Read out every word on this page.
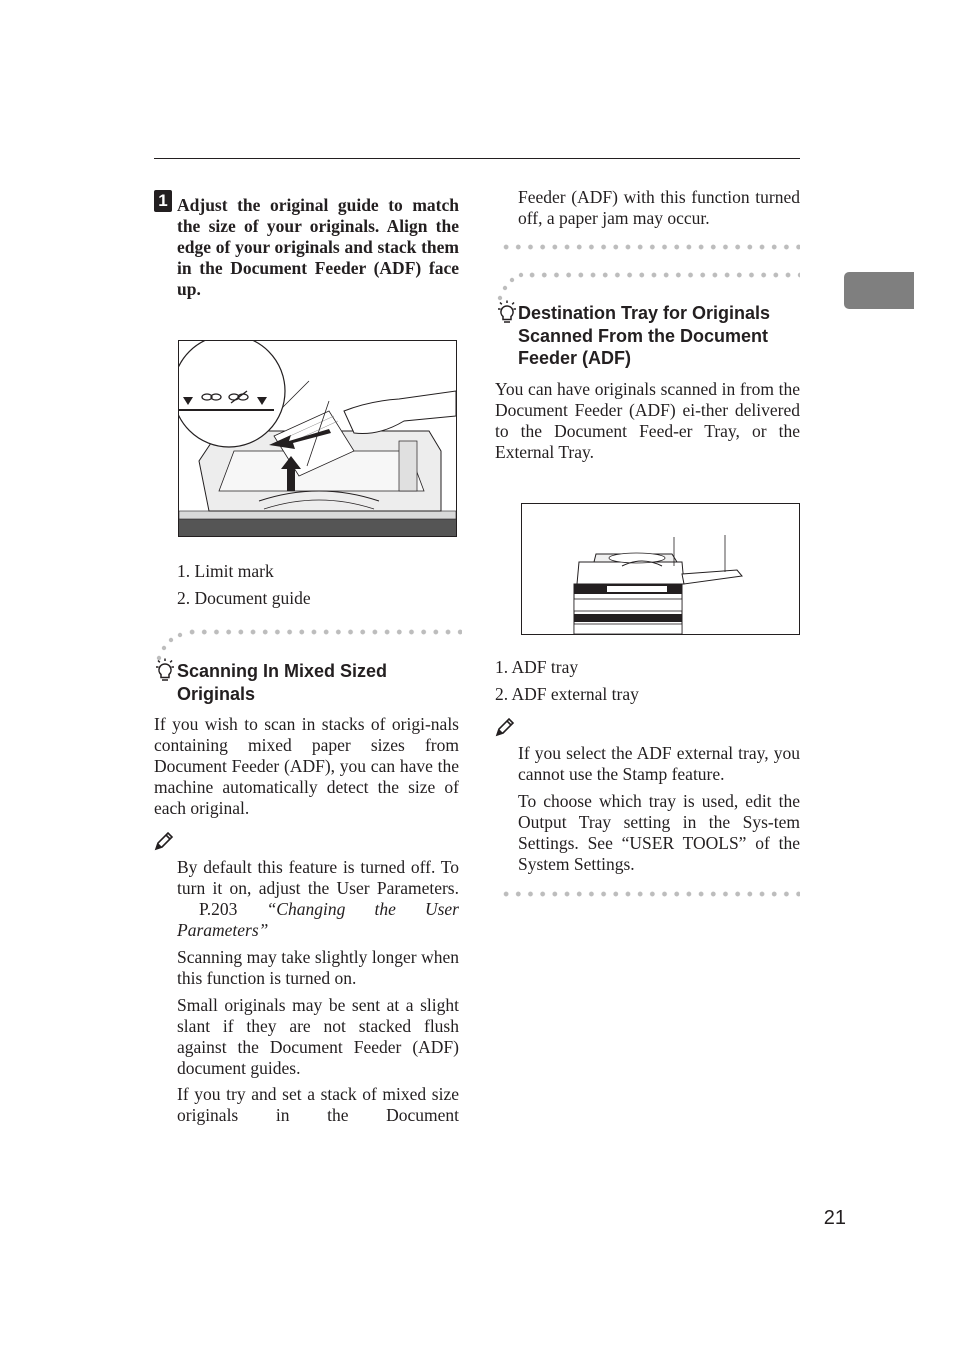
1 Adjust the original guide to match the size of your originals. Align the edge of your originals and stack them in the Document Feeder (ADF) face up.
1. Limit mark
2. Document guide
Scanning In Mixed Sized
Originals
If you wish to scan in stacks of origi-nals containing mixed paper sizes from Document Feeder (ADF), you can have the machine automatically detect the size of each original.
By default this feature is turned off. To turn it on, adjust the User Parameters. P.203 “Changing the User Parameters”
Scanning may take slightly longer when this function is turned on.
Small originals may be sent at a slight slant if they are not stacked flush against the Document Feeder (ADF) document guides.
If you try and set a stack of mixed size originals in the Document
Feeder (ADF) with this function turned off, a paper jam may occur.
Destination Tray for Originals
Scanned From the Document
Feeder (ADF)
You can have originals scanned in from the Document Feeder (ADF) ei-ther delivered to the Document Feed-er Tray, or the External Tray.
1. ADF tray
2. ADF external tray
If you select the ADF external tray, you cannot use the Stamp feature.
To choose which tray is used, edit the Output Tray setting in the Sys-tem Settings. See “USER TOOLS” of the System Settings.
21
